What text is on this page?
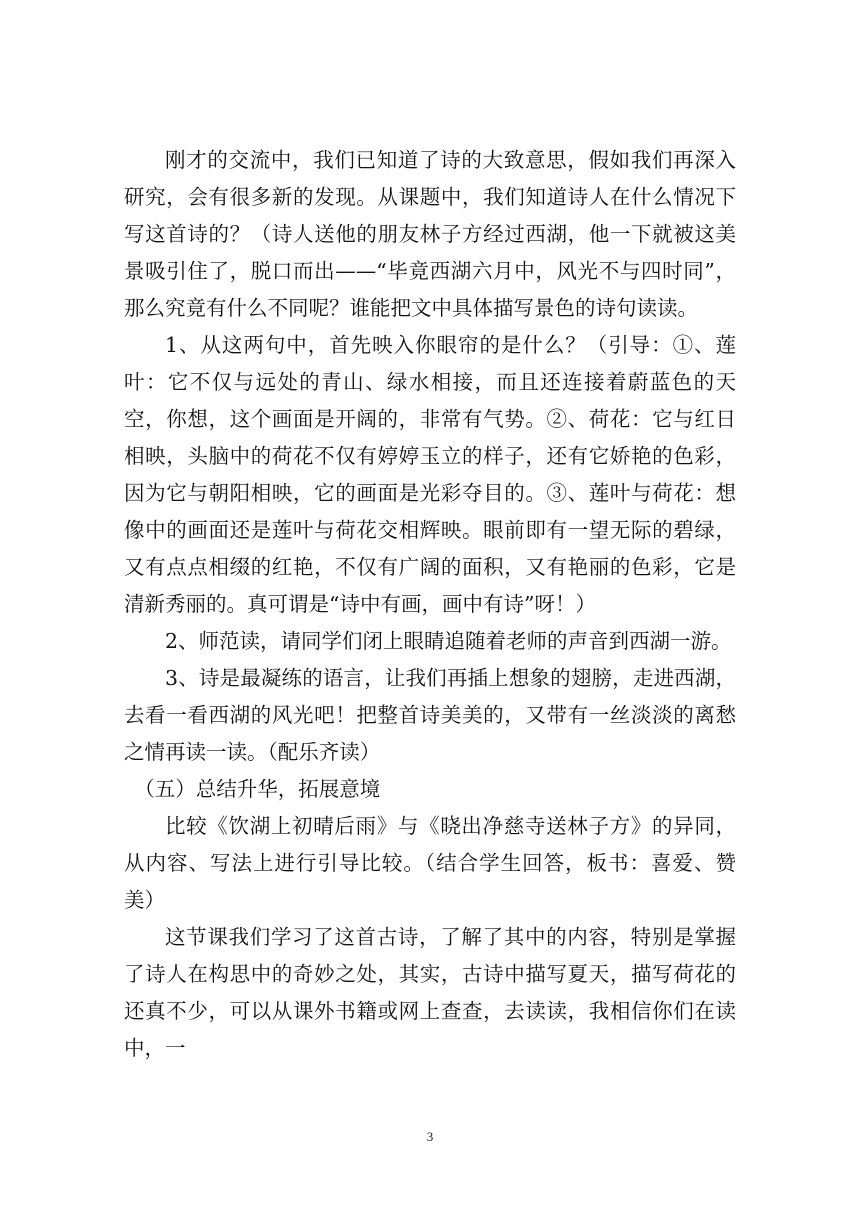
刚才的交流中，我们已知道了诗的大致意思，假如我们再深入研究，会有很多新的发现。从课题中，我们知道诗人在什么情况下写这首诗的？（诗人送他的朋友林子方经过西湖，他一下就被这美景吸引住了，脱口而出——“毕竟西湖六月中，风光不与四时同”，那么究竟有什么不同呢？谁能把文中具体描写景色的诗句读读。

1、从这两句中，首先映入你眼帘的是什么？（引导：①、莲叶：它不仅与远处的青山、绿水相接，而且还连接着蔚蓝色的天空，你想，这个画面是开阔的，非常有气势。②、荷花：它与红日相映，头脑中的荷花不仅有婷婷玉立的样子，还有它娇艳的色彩，因为它与朝阳相映，它的画面是光彩夺目的。③、莲叶与荷花：想像中的画面还是莲叶与荷花交相辉映。眼前即有一望无际的碧绿，又有点点相缀的红艳，不仅有广阔的面积，又有艳丽的色彩，它是清新秀丽的。真可谓是“诗中有画，画中有诗”呀！）

2、师范读，请同学们闭上眼睛追随着老师的声音到西湖一游。

3、诗是最凝练的语言，让我们再插上想象的翅膀，走进西湖，去看一看西湖的风光吧！把整首诗美美的，又带有一丝淡淡的离愁之情再读一读。（配乐齐读）

（五）总结升华，拓展意境

比较《饮湖上初晴后雨》与《晓出净慈寺送林子方》的异同，从内容、写法上进行引导比较。（结合学生回答，板书：喜爱、赞美）

这节课我们学习了这首古诗，了解了其中的内容，特别是掌握了诗人在构思中的奇妙之处，其实，古诗中描写夏天，描写荷花的还真不少，可以从课外书籍或网上查查，去读读，我相信你们在读中，一

3
